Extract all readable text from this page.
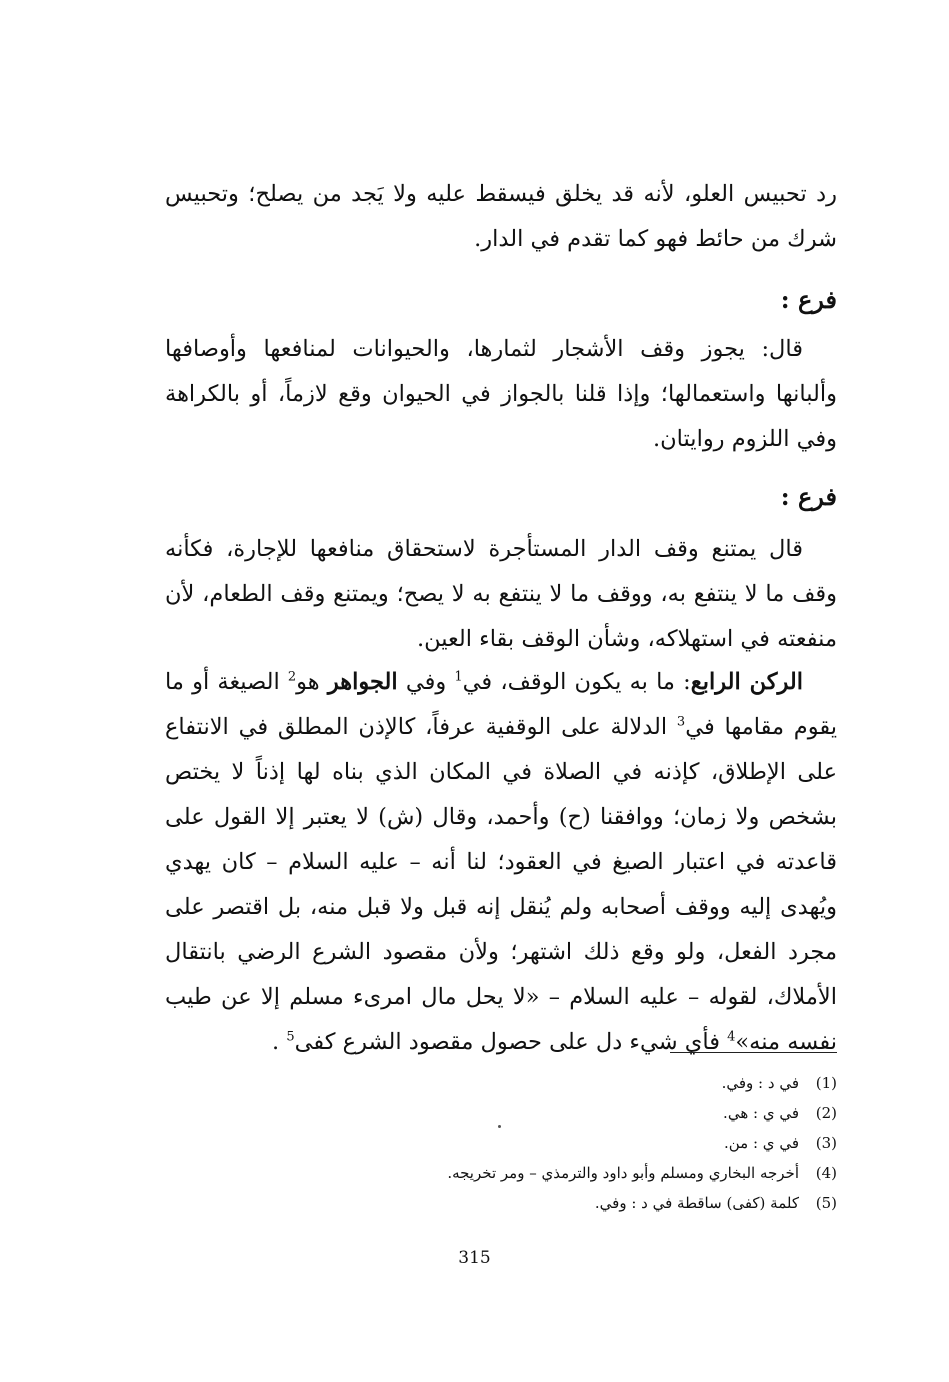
رد تحبيس العلو، لأنه قد يخلق فيسقط عليه ولا يَجد من يصلح؛ وتحبيس شرك من حائط فهو كما تقدم في الدار.

فرع :

قال: يجوز وقف الأشجار لثمارها، والحيوانات لمنافعها وأوصافها وألبانها واستعمالها؛ وإذا قلنا بالجواز في الحيوان وقع لازماً، أو بالكراهة وفي اللزوم روايتان.

فرع :

قال يمتنع وقف الدار المستأجرة لاستحقاق منافعها للإجارة، فكأنه وقف ما لا ينتفع به، ووقف ما لا ينتفع به لا يصح؛ ويمتنع وقف الطعام، لأن منفعته في استهلاكه، وشأن الوقف بقاء العين.

الركن الرابع: ما به يكون الوقف، في$^1$ وفي الجواهر هو$^2$ الصيغة أو ما يقوم مقامها في$^3$ الدلالة على الوقفية عرفاً، كالإذن المطلق في الانتفاع على الإطلاق، كإذنه في الصلاة في المكان الذي بناه لها إذناً لا يختص بشخص ولا زمان؛ ووافقنا (ح) وأحمد، وقال (ش) لا يعتبر إلا القول على قاعدته في اعتبار الصيغ في العقود؛ لنا أنه – عليه السلام – كان يهدي ويُهدى إليه ووقف أصحابه ولم يُنقل إنه قبل ولا قبل منه، بل اقتصر على مجرد الفعل، ولو وقع ذلك اشتهر؛ ولأن مقصود الشرع الرضي بانتقال الأملاك، لقوله – عليه السلام – «لا يحل مال امرىء مسلم إلا عن طيب نفسه منه»$^4$ فأي شيء دل على حصول مقصود الشرع كفى$^5$ .

(1)
في د : وفي.
(2)
في ي : هي.
(3)
في ي : من.
(4)
أخرجه البخاري ومسلم وأبو داود والترمذي – ومر تخريجه.
(5)
كلمة (كفى) ساقطة في د : وفي.
315
